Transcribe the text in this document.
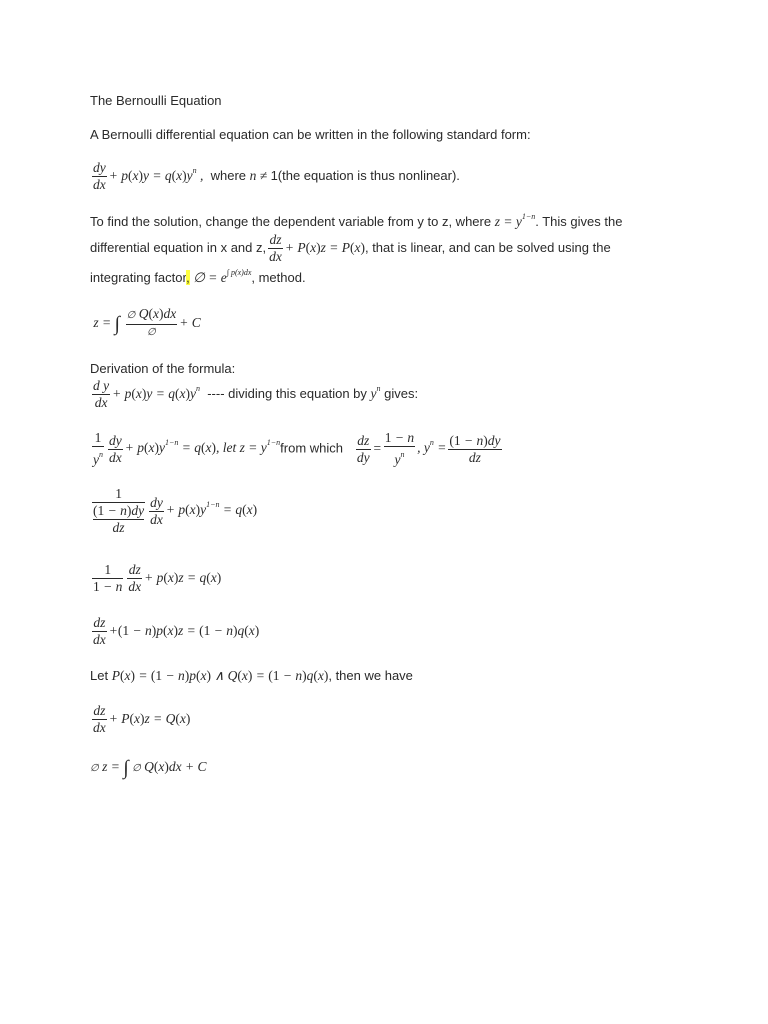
The Bernoulli Equation
A Bernoulli differential equation can be written in the following standard form:
$\frac{dy}{dx} + p(x)y = q(x)y^n$ , where n ≠ 1(the equation is thus nonlinear).
To find the solution, change the dependent variable from y to z, where $z = y^{1-n}$. This gives the
differential equation in x and z, $\frac{dz}{dx} + P(x)z = P(x)$, that is linear, and can be solved using the
integrating factor, ∅ = $e^{\int p(x)dx}$, method.
z = ∫ $\frac{\emptyset Q(x)dx}{\emptyset} + C$
Derivation of the formula:
$\frac{\text{d y}}{dx} + p(x)y = q(x)y^n$ ---- dividing this equation by $y^n$ gives:
$\frac{1}{y^n} \frac{dy}{dx} + p(x)y^{1-n} = q(x)$, let $z = y^{1-n}from$ which $\frac{dz}{dy} = \frac{1 - n}{y^n}$ , $y^n = \frac{(1 - n)dy}{dz}$
1
(1 − n)dy
dz	$\frac{dy}{dx} + p(x)y^{1-n} = q(x)$
$\frac{1}{1 - n} \frac{dz}{dx} + p(x)z = q(x)$
$\frac{dz}{dx} +(1 - n)p(x)z = (1 - n)q(x)$
Let P(x) = (1 − n)p(x) ∧ Q(x) = (1 − n)q(x), then we have
$\frac{dz}{dx} + P(x)z = Q(x)$
∅ z = ∫ ∅ Q(x)dx + C
